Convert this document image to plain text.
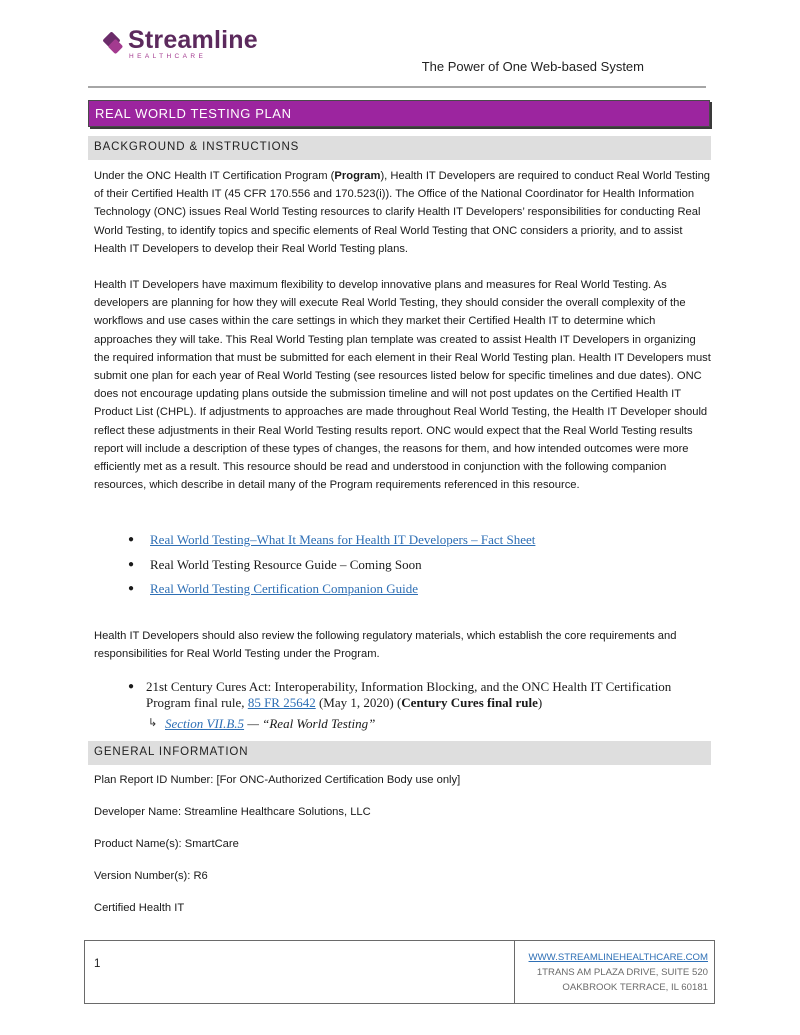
Streamline
HEALTHCARE
The Power of One Web-based System
REAL WORLD TESTING PLAN
BACKGROUND & INSTRUCTIONS
Under the ONC Health IT Certification Program (Program), Health IT Developers are required to conduct Real World Testing of their Certified Health IT (45 CFR 170.556 and 170.523(i)). The Office of the National Coordinator for Health Information Technology (ONC) issues Real World Testing resources to clarify Health IT Developers’ responsibilities for conducting Real World Testing, to identify topics and specific elements of Real World Testing that ONC considers a priority, and to assist Health IT Developers to develop their Real World Testing plans.
Health IT Developers have maximum flexibility to develop innovative plans and measures for Real World Testing. As developers are planning for how they will execute Real World Testing, they should consider the overall complexity of the workflows and use cases within the care settings in which they market their Certified Health IT to determine which approaches they will take. This Real World Testing plan template was created to assist Health IT Developers in organizing the required information that must be submitted for each element in their Real World Testing plan. Health IT Developers must submit one plan for each year of Real World Testing (see resources listed below for specific timelines and due dates). ONC does not encourage updating plans outside the submission timeline and will not post updates on the Certified Health IT Product List (CHPL). If adjustments to approaches are made throughout Real World Testing, the Health IT Developer should reflect these adjustments in their Real World Testing results report. ONC would expect that the Real World Testing results report will include a description of these types of changes, the reasons for them, and how intended outcomes were more efficiently met as a result. This resource should be read and understood in conjunction with the following companion resources, which describe in detail many of the Program requirements referenced in this resource.
● Real World Testing–What It Means for Health IT Developers – Fact Sheet
● Real World Testing Resource Guide – Coming Soon
● Real World Testing Certification Companion Guide
Health IT Developers should also review the following regulatory materials, which establish the core requirements and responsibilities for Real World Testing under the Program.
● 21st Century Cures Act: Interoperability, Information Blocking, and the ONC Health IT Certification Program final rule, 85 FR 25642 (May 1, 2020) (Century Cures final rule)
↳ Section VII.B.5 — “Real World Testing”
GENERAL INFORMATION
Plan Report ID Number: [For ONC-Authorized Certification Body use only]
Developer Name: Streamline Healthcare Solutions, LLC
Product Name(s): SmartCare
Version Number(s): R6
Certified Health IT
1
WWW.STREAMLINEHEALTHCARE.COM
1TRANS AM PLAZA DRIVE, SUITE 520
OAKBROOK TERRACE, IL 60181
